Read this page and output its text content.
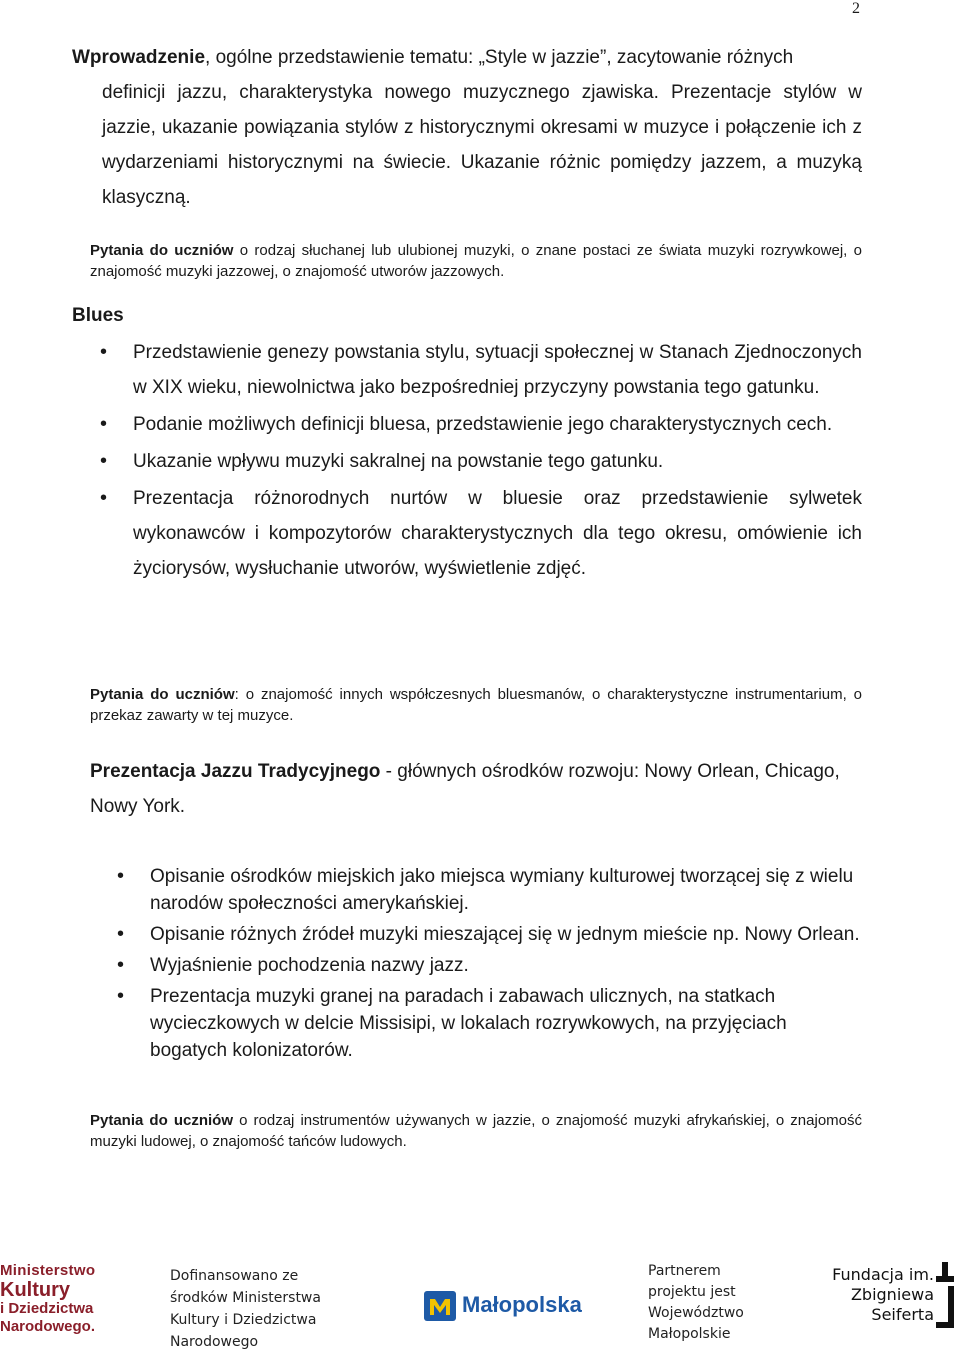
2
Wprowadzenie, ogólne przedstawienie tematu: „Style w jazzie”, zacytowanie różnych
definicji jazzu, charakterystyka nowego muzycznego zjawiska. Prezentacje stylów w jazzie, ukazanie powiązania stylów z historycznymi okresami w muzyce i połączenie ich z wydarzeniami historycznymi na świecie. Ukazanie różnic pomiędzy jazzem, a muzyką klasyczną.
Pytania do uczniów o rodzaj słuchanej lub ulubionej muzyki, o znane postaci ze świata muzyki rozrywkowej, o znajomość muzyki jazzowej, o znajomość utworów jazzowych.
Blues
• Przedstawienie genezy powstania stylu, sytuacji społecznej w Stanach Zjednoczonych w XIX wieku, niewolnictwa jako bezpośredniej przyczyny powstania tego gatunku.
• Podanie możliwych definicji bluesa, przedstawienie jego charakterystycznych cech.
• Ukazanie wpływu muzyki sakralnej na powstanie tego gatunku.
• Prezentacja różnorodnych nurtów w bluesie oraz przedstawienie sylwetek wykonawców i kompozytorów charakterystycznych dla tego okresu, omówienie ich życiorysów, wysłuchanie utworów, wyświetlenie zdjęć.
Pytania do uczniów: o znajomość innych współczesnych bluesmanów, o charakterystyczne instrumentarium, o przekaz zawarty w tej muzyce.
Prezentacja Jazzu Tradycyjnego - głównych ośrodków rozwoju: Nowy Orlean, Chicago, Nowy York.
• Opisanie ośrodków miejskich jako miejsca wymiany kulturowej tworzącej się z wielu narodów społeczności amerykańskiej.
• Opisanie różnych źródeł muzyki mieszającej się w jednym mieście np. Nowy Orlean.
• Wyjaśnienie pochodzenia nazwy jazz.
• Prezentacja muzyki granej na paradach i zabawach ulicznych, na statkach wycieczkowych w delcie Missisipi, w lokalach rozrywkowych, na przyjęciach bogatych kolonizatorów.
Pytania do uczniów o rodzaj instrumentów używanych w jazzie, o znajomość muzyki afrykańskiej, o znajomość muzyki ludowej, o znajomość tańców ludowych.
Ministerstwo
Kultury
i Dziedzictwa
Narodowego.
Dofinansowano ze
środków Ministerstwa
Kultury i Dziedzictwa
Narodowego
Małopolska
Partnerem
projektu jest
Województwo
Małopolskie
Fundacja im.
Zbigniewa
Seiferta
